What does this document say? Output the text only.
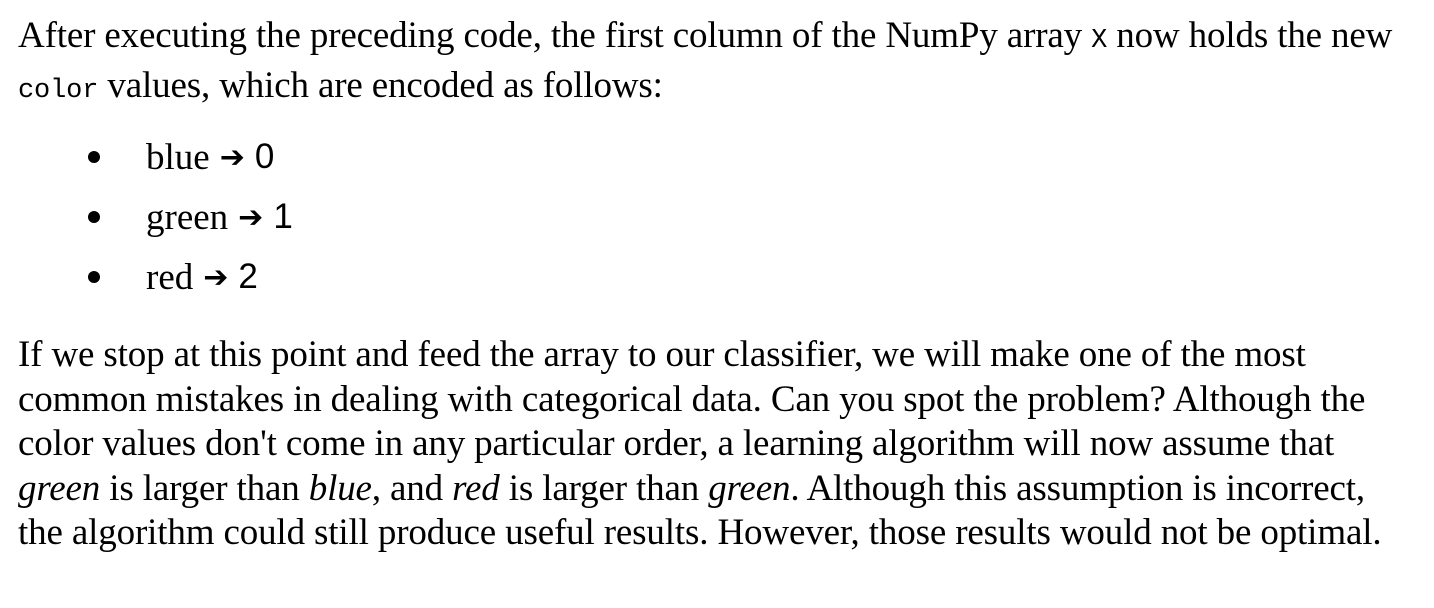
After executing the preceding code, the first column of the NumPy array X now holds the new color values, which are encoded as follows:

blue ➔ 0
green ➔ 1
red ➔ 2

If we stop at this point and feed the array to our classifier, we will make one of the most common mistakes in dealing with categorical data. Can you spot the problem? Although the color values don't come in any particular order, a learning algorithm will now assume that green is larger than blue, and red is larger than green. Although this assumption is incorrect, the algorithm could still produce useful results. However, those results would not be optimal.
